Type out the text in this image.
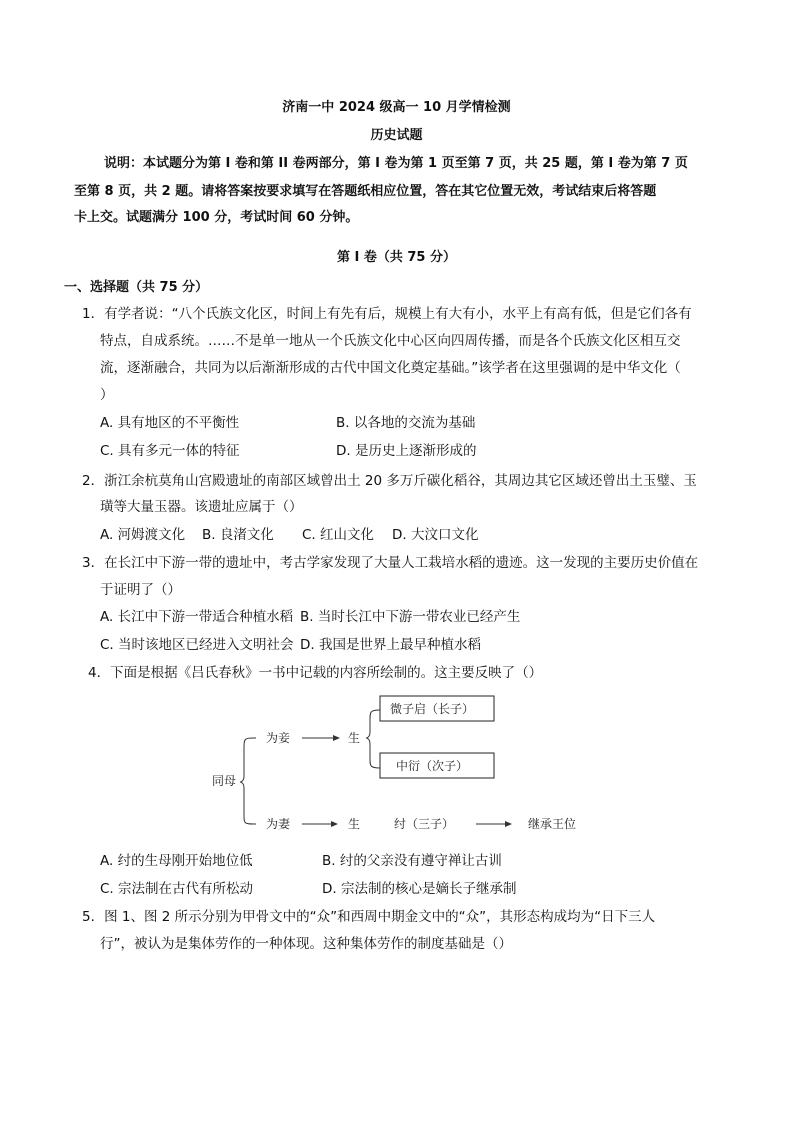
济南一中 2024 级高一 10 月学情检测
历史试题
说明：本试题分为第 I 卷和第 II 卷两部分，第 I 卷为第 1 页至第 7 页，共 25 题，第 I 卷为第 7 页
至第 8 页，共 2 题。请将答案按要求填写在答题纸相应位置，答在其它位置无效，考试结束后将答题
卡上交。试题满分 100 分，考试时间 60 分钟。
第 I 卷（共 75 分）
一、选择题（共 75 分）
1．有学者说：“八个氏族文化区，时间上有先有后，规模上有大有小，水平上有高有低，但是它们各有
特点，自成系统。……不是单一地从一个氏族文化中心区向四周传播，而是各个氏族文化区相互交
流，逐渐融合，共同为以后渐渐形成的古代中国文化奠定基础。”该学者在这里强调的是中华文化（
）
A. 具有地区的不平衡性	B. 以各地的交流为基础
C. 具有多元一体的特征	D. 是历史上逐渐形成的
2．浙江余杭莫角山宫殿遗址的南部区域曾出土 20 多万斤碳化稻谷，其周边其它区域还曾出土玉璧、玉
璜等大量玉器。该遗址应属于（）
A. 河姆渡文化 B. 良渚文化 C. 红山文化 D. 大汶口文化
3．在长江中下游一带的遗址中，考古学家发现了大量人工栽培水稻的遗迹。这一发现的主要历史价值在
于证明了（）
A. 长江中下游一带适合种植水稻 B. 当时长江中下游一带农业已经产生
C. 当时该地区已经进入文明社会 D. 我国是世界上最早种植水稻
4．下面是根据《吕氏春秋》一书中记载的内容所绘制的。这主要反映了（）
同母
为妾	生
微子启（长子）
中衍（次子）
为妻	生	纣（三子）	继承王位
A. 纣的生母刚开始地位低	B. 纣的父亲没有遵守禅让古训
C. 宗法制在古代有所松动	D. 宗法制的核心是嫡长子继承制
5．图 1、图 2 所示分别为甲骨文中的“众”和西周中期金文中的“众”，其形态构成均为“日下三人
行”，被认为是集体劳作的一种体现。这种集体劳作的制度基础是（）
